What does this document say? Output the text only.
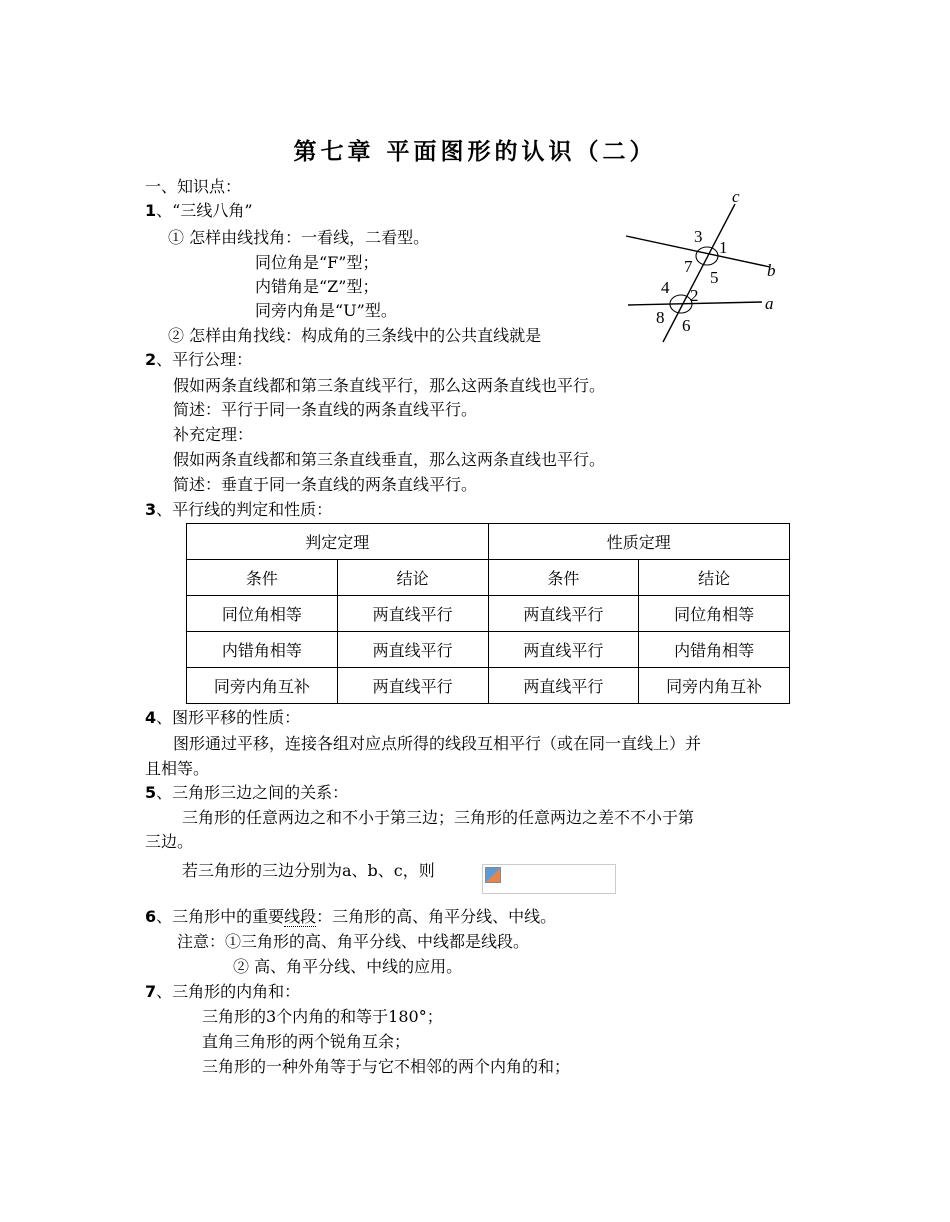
第七章 平面图形的认识（二）
一、知识点：
1、“三线八角”
① 怎样由线找角：一看线，二看型。
同位角是“F”型；
内错角是“Z”型；
同旁内角是“U”型。
② 怎样由角找线：构成角的三条线中的公共直线就是
c
b
a
3
1
7
5
4 2
8 6
2、平行公理：
假如两条直线都和第三条直线平行，那么这两条直线也平行。
简述：平行于同一条直线的两条直线平行。
补充定理：
假如两条直线都和第三条直线垂直，那么这两条直线也平行。
简述：垂直于同一条直线的两条直线平行。
3、平行线的判定和性质：
判定定理		性质定理	
条件	结论	条件	结论
同位角相等	两直线平行	两直线平行	同位角相等
内错角相等	两直线平行	两直线平行	内错角相等
同旁内角互补	两直线平行	两直线平行	同旁内角互补
4、图形平移的性质：
图形通过平移，连接各组对应点所得的线段互相平行（或在同一直线上）并
且相等。
5、三角形三边之间的关系：
三角形的任意两边之和不小于第三边；三角形的任意两边之差不不小于第
三边。
若三角形的三边分别为a、b、c，则
6、三角形中的重要线段：三角形的高、角平分线、中线。
注意：①三角形的高、角平分线、中线都是线段。
② 高、角平分线、中线的应用。
7、三角形的内角和：
三角形的3个内角的和等于180°；
直角三角形的两个锐角互余；
三角形的一种外角等于与它不相邻的两个内角的和；
